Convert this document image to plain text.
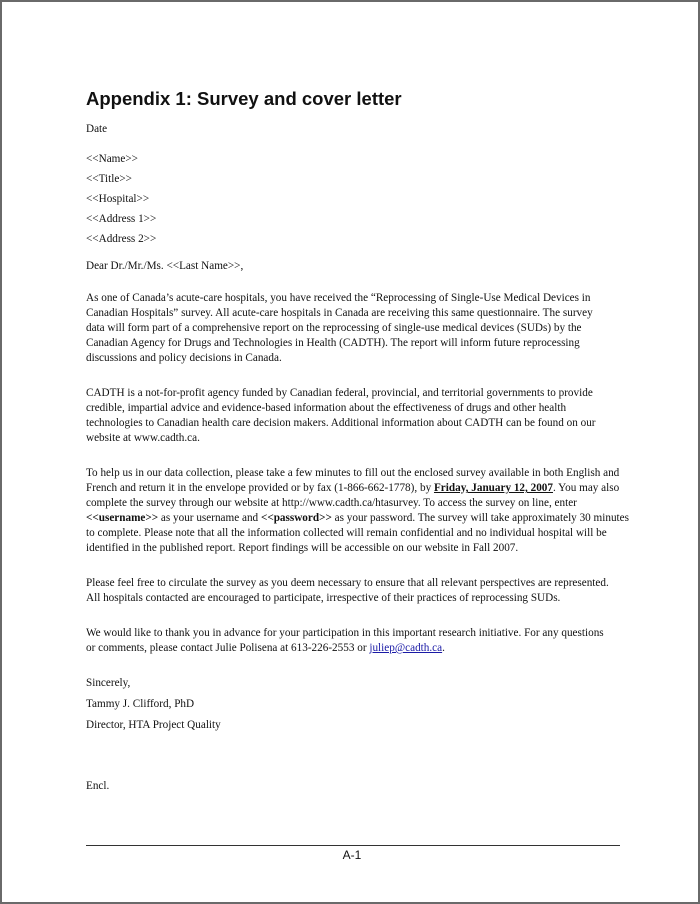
Appendix 1: Survey and cover letter

Date

<<Name>>

<<Title>>

<<Hospital>>

<<Address 1>>

<<Address 2>>

Dear Dr./Mr./Ms. <<Last Name>>,

As one of Canada’s acute-care hospitals, you have received the “Reprocessing of Single-Use Medical Devices in
Canadian Hospitals” survey. All acute-care hospitals in Canada are receiving this same questionnaire. The survey
data will form part of a comprehensive report on the reprocessing of single-use medical devices (SUDs) by the
Canadian Agency for Drugs and Technologies in Health (CADTH). The report will inform future reprocessing
discussions and policy decisions in Canada.

CADTH is a not-for-profit agency funded by Canadian federal, provincial, and territorial governments to provide
credible, impartial advice and evidence-based information about the effectiveness of drugs and other health
technologies to Canadian health care decision makers. Additional information about CADTH can be found on our
website at www.cadth.ca.

To help us in our data collection, please take a few minutes to fill out the enclosed survey available in both English and
French and return it in the envelope provided or by fax (1-866-662-1778), by Friday, January 12, 2007. You may also
complete the survey through our website at http://www.cadth.ca/htasurvey. To access the survey on line, enter
<<username>> as your username and <<password>> as your password. The survey will take approximately 30 minutes
to complete. Please note that all the information collected will remain confidential and no individual hospital will be
identified in the published report. Report findings will be accessible on our website in Fall 2007.

Please feel free to circulate the survey as you deem necessary to ensure that all relevant perspectives are represented.
All hospitals contacted are encouraged to participate, irrespective of their practices of reprocessing SUDs.

We would like to thank you in advance for your participation in this important research initiative. For any questions
or comments, please contact Julie Polisena at 613-226-2553 or juliep@cadth.ca.

Sincerely,

Tammy J. Clifford, PhD

Director, HTA Project Quality

Encl.

A-1
